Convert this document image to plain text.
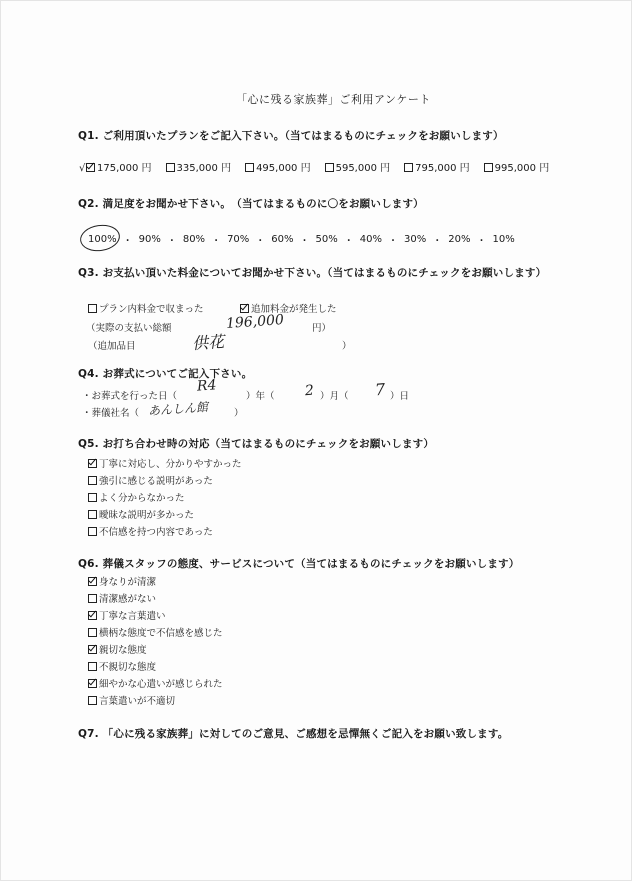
「心に残る家族葬」ご利用アンケート
Q1. ご利用頂いたプランをご記入下さい。（当てはまるものにチェックをお願いします）
175,000 円	335,000 円	495,000 円	595,000 円	795,000 円	995,000 円
√
Q2. 満足度をお聞かせ下さい。　（当てはまるものに〇をお願いします）
100% ・ 90% ・ 80% ・ 70% ・ 60% ・ 50% ・ 40% ・ 30% ・ 20% ・ 10%
Q3. お支払い頂いた料金についてお聞かせ下さい。（当てはまるものにチェックをお願いします）
プラン内料金で収まった	追加料金が発生した
（実際の支払い総額	196,000	円）
（追加品目	供花	）
Q4. お葬式についてご記入下さい。
・お葬式を行った日（
R4
）年（ 2 ）月（ 7 ）日
・葬儀社名（ あんしん館	）
Q5. お打ち合わせ時の対応（当てはまるものにチェックをお願いします）
丁寧に対応し、分かりやすかった
強引に感じる説明があった
よく分からなかった
曖昧な説明が多かった
不信感を持つ内容であった
Q6. 葬儀スタッフの態度、サービスについて（当てはまるものにチェックをお願いします）
身なりが清潔
清潔感がない
丁寧な言葉遣い
横柄な態度で不信感を感じた
親切な態度
不親切な態度
細やかな心遣いが感じられた
言葉遣いが不適切
Q7. 「心に残る家族葬」に対してのご意見、ご感想を忌憚無くご記入をお願い致します。
